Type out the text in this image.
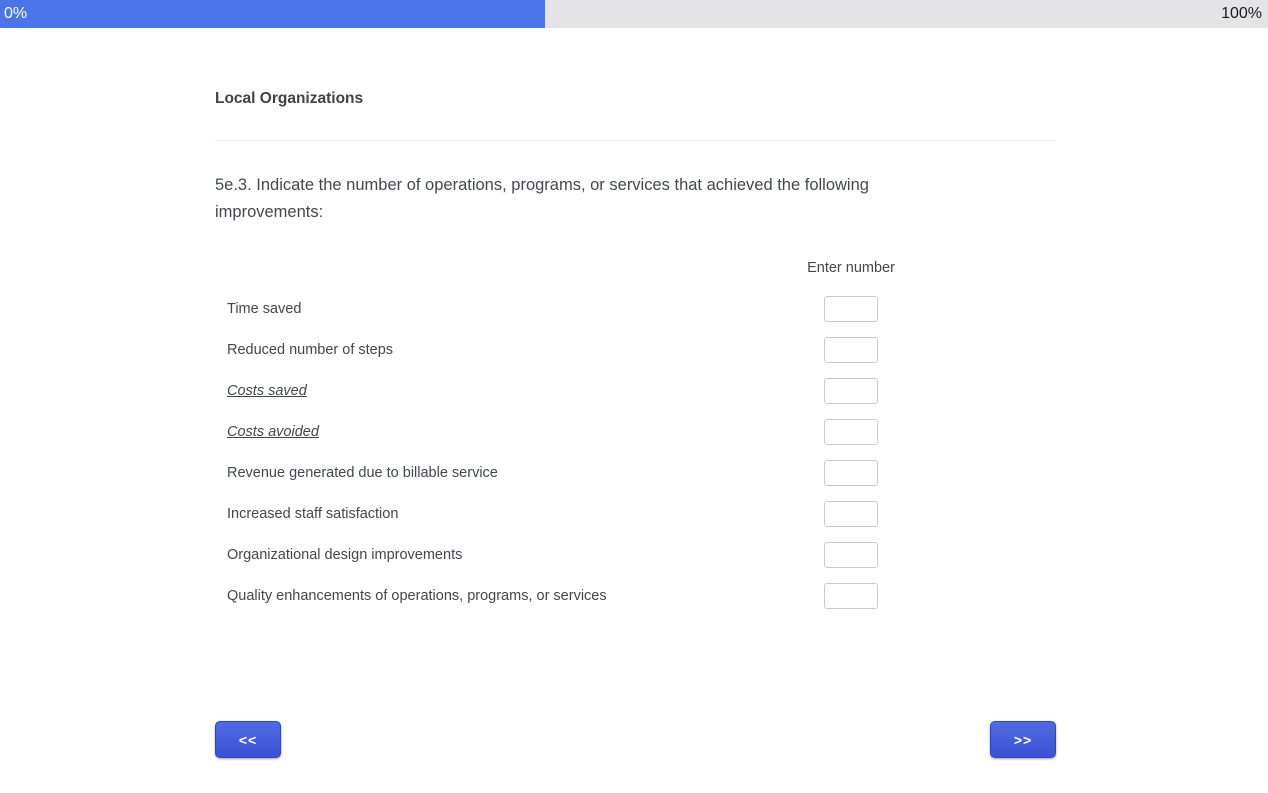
0%	100%
Local Organizations
5e.3. Indicate the number of operations, programs, or services that achieved the following improvements:
Enter number
Time saved
Reduced number of steps
Costs saved
Costs avoided
Revenue generated due to billable service
Increased staff satisfaction
Organizational design improvements
Quality enhancements of operations, programs, or services
<<	>>
